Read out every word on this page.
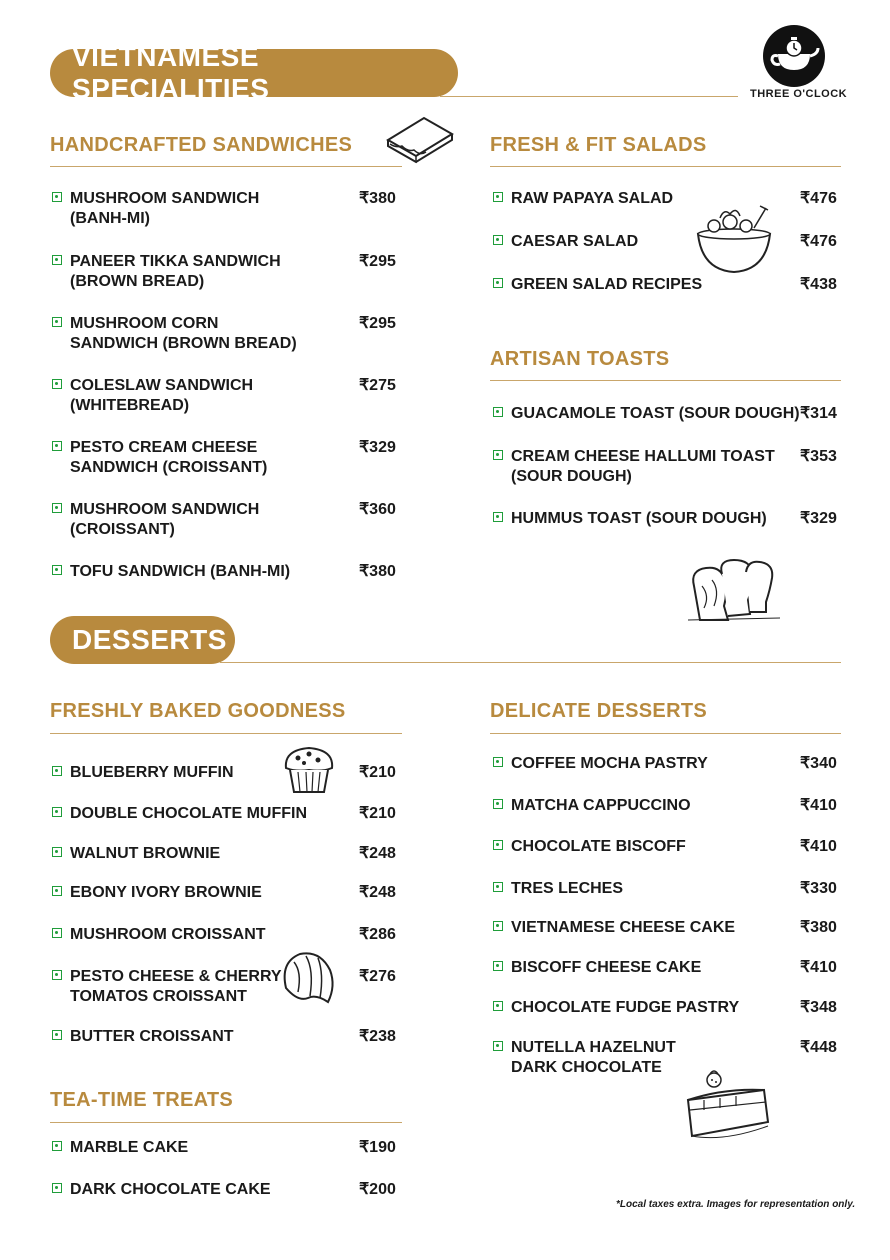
THREE O'CLOCK
VIETNAMESE SPECIALITIES
HANDCRAFTED SANDWICHES
MUSHROOM SANDWICH
(BANH-MI)
₹380
PANEER TIKKA SANDWICH
(BROWN BREAD)
₹295
MUSHROOM CORN
SANDWICH (BROWN BREAD)
₹295
COLESLAW SANDWICH
(WHITEBREAD)
₹275
PESTO CREAM CHEESE
SANDWICH (CROISSANT)
₹329
MUSHROOM SANDWICH
(CROISSANT)
₹360
TOFU SANDWICH (BANH-MI)	₹380
FRESH & FIT SALADS
RAW PAPAYA SALAD	₹476
CAESAR SALAD	₹476
GREEN SALAD RECIPES	₹438
ARTISAN TOASTS
GUACAMOLE TOAST (SOUR DOUGH) ₹314
CREAM CHEESE HALLUMI TOAST
(SOUR DOUGH)
₹353
HUMMUS TOAST (SOUR DOUGH) ₹329
DESSERTS
FRESHLY BAKED GOODNESS
BLUEBERRY MUFFIN	₹210
DOUBLE CHOCOLATE MUFFIN	₹210
WALNUT BROWNIE	₹248
EBONY IVORY BROWNIE	₹248
MUSHROOM CROISSANT	₹286
PESTO CHEESE & CHERRY
TOMATOS CROISSANT
₹276
BUTTER CROISSANT	₹238
TEA-TIME TREATS
MARBLE CAKE	₹190
DARK CHOCOLATE CAKE	₹200
DELICATE DESSERTS
COFFEE MOCHA PASTRY	₹340
MATCHA CAPPUCCINO	₹410
CHOCOLATE BISCOFF	₹410
TRES LECHES	₹330
VIETNAMESE CHEESE CAKE	₹380
BISCOFF CHEESE CAKE	₹410
CHOCOLATE FUDGE PASTRY	₹348
NUTELLA HAZELNUT
DARK CHOCOLATE
₹448
*Local taxes extra. Images for representation only.
